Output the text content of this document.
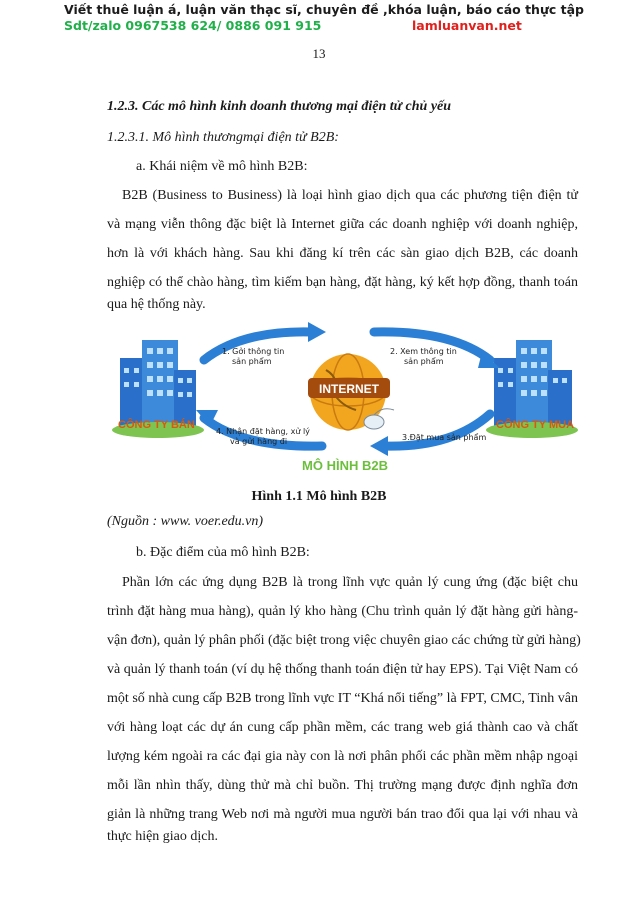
Viết thuê luận á, luận văn thạc sĩ, chuyên đề ,khóa luận, báo cáo thực tập
Sdt/zalo 0967538 624/ 0886 091 915	lamluanvan.net
13
1.2.3. Các mô hình kinh doanh thương mại điện tử chủ yếu
1.2.3.1. Mô hình thươngmại điện tử B2B:
a. Khái niệm về mô hình B2B:
B2B (Business to Business) là loại hình giao dịch qua các phương tiện điện tử
và mạng viễn thông đặc biệt là Internet giữa các doanh nghiệp với doanh nghiệp,
hơn là với khách hàng. Sau khi đăng kí trên các sàn giao dịch B2B, các doanh
nghiệp có thể chào hàng, tìm kiếm bạn hàng, đặt hàng, ký kết hợp đồng, thanh toán
qua hệ thống này.
CÔNG TY BÁN	CÔNG TY MUA
INTERNET
1. Gởi thông tin
sản phẩm
2. Xem thông tin
sản phẩm
3.Đặt mua sản phẩm
4. Nhận đặt hàng, xử lý
và gửi hàng đi
MÔ HÌNH B2B
Hình 1.1 Mô hình B2B
(Nguồn : www. voer.edu.vn)
b. Đặc điểm của mô hình B2B:
Phần lớn các ứng dụng B2B là trong lĩnh vực quản lý cung ứng (đặc biệt chu
trình đặt hàng mua hàng), quản lý kho hàng (Chu trình quản lý đặt hàng gửi hàng-
vận đơn), quản lý phân phối (đặc biệt trong việc chuyên giao các chứng từ gửi hàng)
và quản lý thanh toán (ví dụ hệ thống thanh toán điện tử hay EPS). Tại Việt Nam có
một số nhà cung cấp B2B trong lĩnh vực IT “Khá nổi tiếng” là FPT, CMC, Tinh vân
với hàng loạt các dự án cung cấp phần mềm, các trang web giá thành cao và chất
lượng kém ngoài ra các đại gia này con là nơi phân phối các phần mềm nhập ngoại
mỗi lần nhìn thấy, dùng thử mà chỉ buồn. Thị trường mạng được định nghĩa đơn
giản là những trang Web nơi mà người mua người bán trao đổi qua lại với nhau và
thực hiện giao dịch.
